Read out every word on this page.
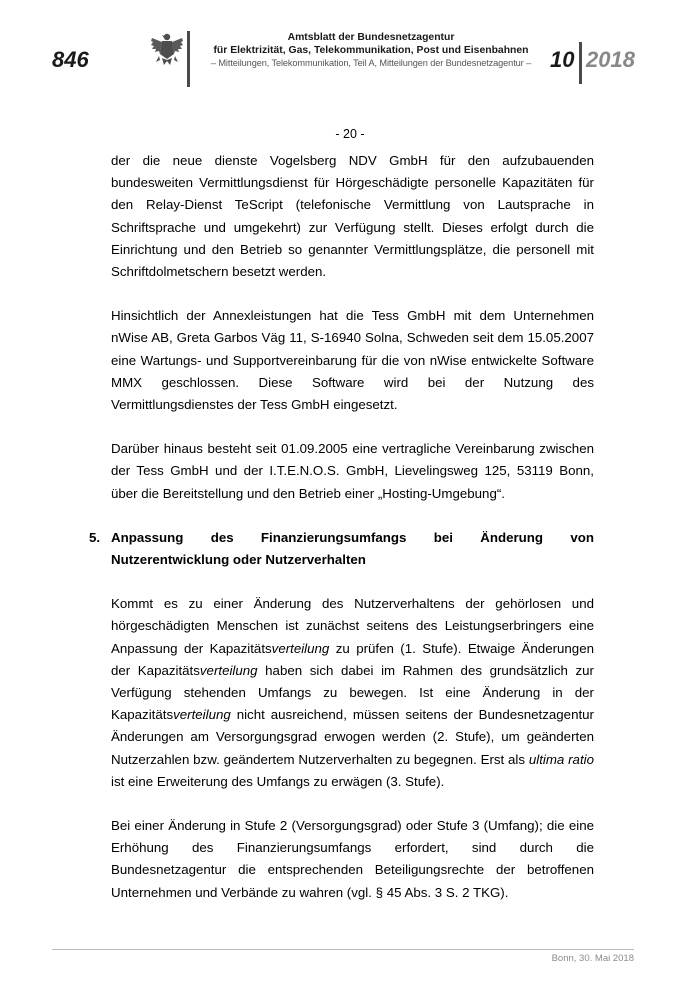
846
Amtsblatt der Bundesnetzagentur
für Elektrizität, Gas, Telekommunikation, Post und Eisenbahnen
– Mitteilungen, Telekommunikation, Teil A, Mitteilungen der Bundesnetzagentur – 10 2018
- 20 -

der die neue dienste Vogelsberg NDV GmbH für den aufzubauenden bundesweiten Vermittlungsdienst für Hörgeschädigte personelle Kapazitäten für den Relay-Dienst TeScript (telefonische Vermittlung von Lautsprache in Schriftsprache und umgekehrt) zur Verfügung stellt. Dieses erfolgt durch die Einrichtung und den Betrieb so genannter Vermittlungsplätze, die personell mit Schriftdolmetschern besetzt werden.

Hinsichtlich der Annexleistungen hat die Tess GmbH mit dem Unternehmen nWise AB, Greta Garbos Väg 11, S-16940 Solna, Schweden seit dem 15.05.2007 eine Wartungs- und Supportvereinbarung für die von nWise entwickelte Software MMX geschlossen. Diese Software wird bei der Nutzung des Vermittlungsdienstes der Tess GmbH eingesetzt.

Darüber hinaus besteht seit 01.09.2005 eine vertragliche Vereinbarung zwischen der Tess GmbH und der I.T.E.N.O.S. GmbH, Lievelingsweg 125, 53119 Bonn, über die Bereitstellung und den Betrieb einer „Hosting-Umgebung“.

5. Anpassung des Finanzierungsumfangs bei Änderung von Nutzerentwicklung oder Nutzerverhalten

Kommt es zu einer Änderung des Nutzerverhaltens der gehörlosen und hörgeschädigten Menschen ist zunächst seitens des Leistungserbringers eine Anpassung der Kapazitätsverteilung zu prüfen (1. Stufe). Etwaige Änderungen der Kapazitätsverteilung haben sich dabei im Rahmen des grundsätzlich zur Verfügung stehenden Umfangs zu bewegen. Ist eine Änderung in der Kapazitätsverteilung nicht ausreichend, müssen seitens der Bundesnetzagentur Änderungen am Versorgungsgrad erwogen werden (2. Stufe), um geänderten Nutzerzahlen bzw. geändertem Nutzerverhalten zu begegnen. Erst als ultima ratio ist eine Erweiterung des Umfangs zu erwägen (3. Stufe).

Bei einer Änderung in Stufe 2 (Versorgungsgrad) oder Stufe 3 (Umfang); die eine Erhöhung des Finanzierungsumfangs erfordert, sind durch die Bundesnetzagentur die entsprechenden Beteiligungsrechte der betroffenen Unternehmen und Verbände zu wahren (vgl. § 45 Abs. 3 S. 2 TKG).

Bonn, 30. Mai 2018
